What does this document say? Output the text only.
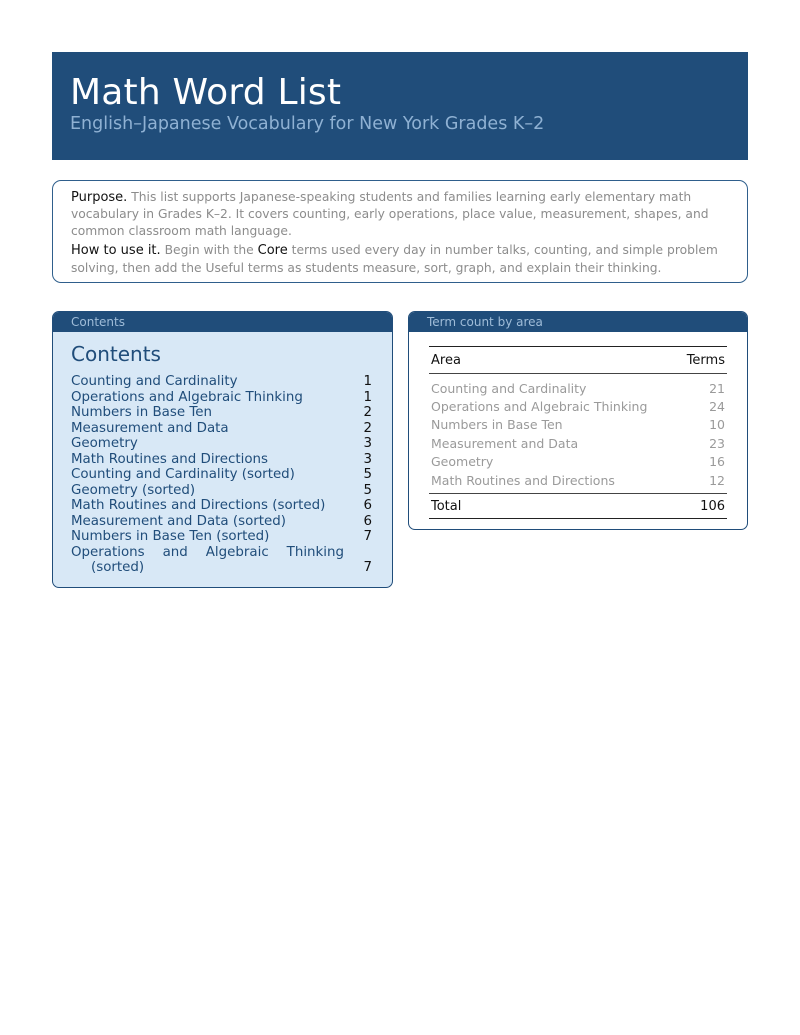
Math Word List
English–Japanese Vocabulary for New York Grades K–2

Purpose. This list supports Japanese-speaking students and families learning early elementary math vocabulary in Grades K–2. It covers counting, early operations, place value, measurement, shapes, and common classroom math language.

How to use it. Begin with the Core terms used every day in number talks, counting, and simple problem solving, then add the Useful terms as students measure, sort, graph, and explain their thinking.

Contents
Contents
Counting and Cardinality	1
Operations and Algebraic Thinking	1
Numbers in Base Ten	2
Measurement and Data	2
Geometry	3
Math Routines and Directions	3
Counting and Cardinality (sorted)	5
Geometry (sorted)	5
Math Routines and Directions (sorted)	6
Measurement and Data (sorted)	6
Numbers in Base Ten (sorted)	7
Operations and Algebraic Thinking
(sorted)	7
Term count by area
Area	Terms
Counting and Cardinality	21
Operations and Algebraic Thinking	24
Numbers in Base Ten	10
Measurement and Data	23
Geometry	16
Math Routines and Directions	12
Total	106
